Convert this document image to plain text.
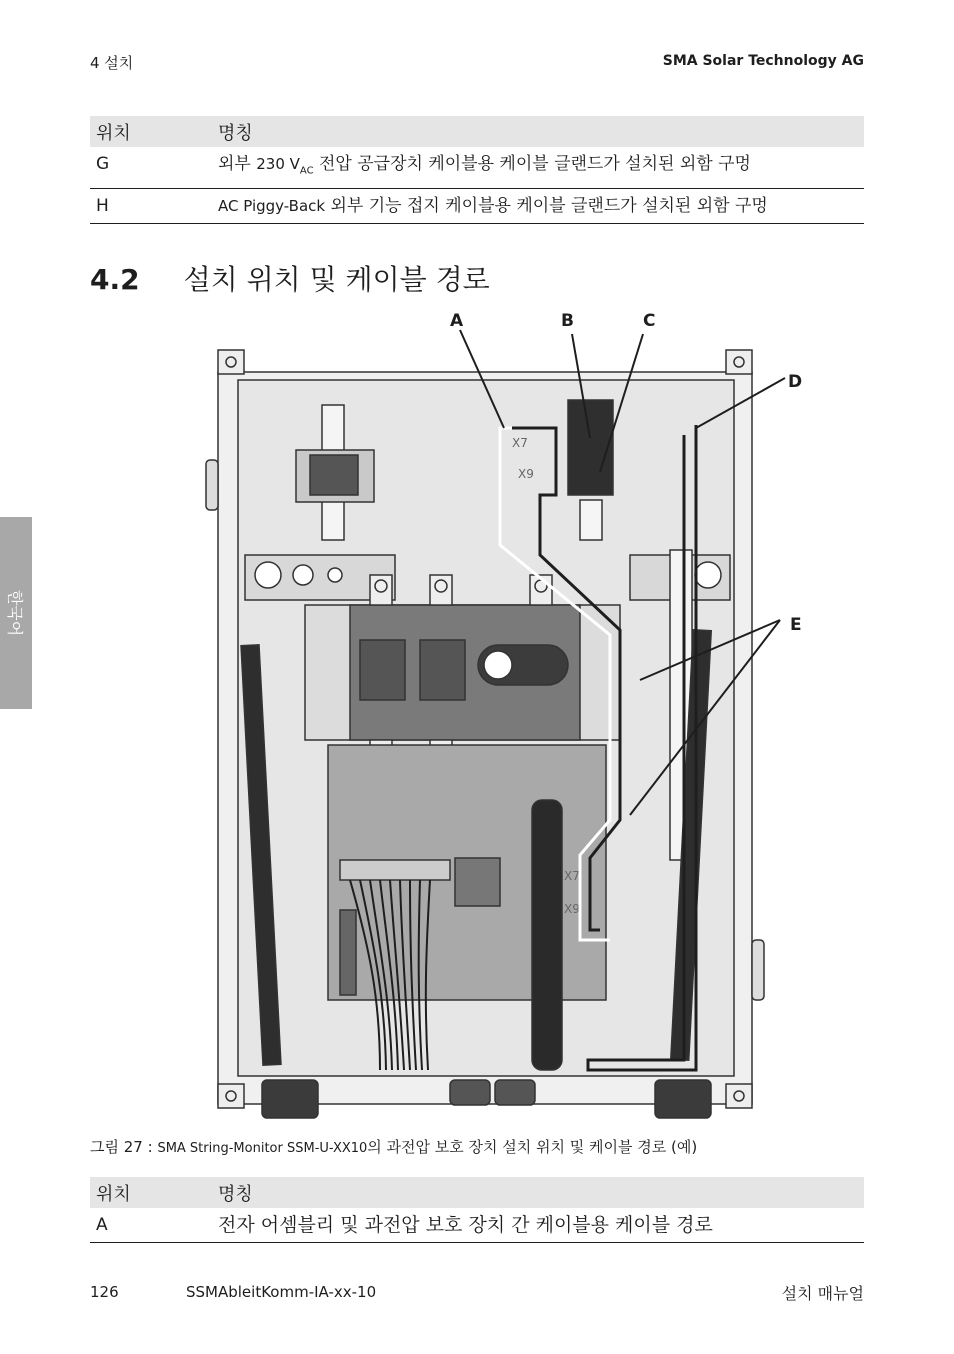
4 설치	SMA Solar Technology AG
한국어
위치	명칭
G	외부 230 $V_{AC}$ 전압 공급장치 케이블용 케이블 글랜드가 설치된 외함 구멍
H	AC Piggy-Back 외부 기능 접지 케이블용 케이블 글랜드가 설치된 외함 구멍
4.2 설치 위치 및 케이블 경로
X7
X9
X7
X9
A	B	C
D
E
그림 27 : SMA String-Monitor SSM-U-XX10의 과전압 보호 장치 설치 위치 및 케이블 경로 (예)
위치	명칭
A	전자 어셈블리 및 과전압 보호 장치 간 케이블용 케이블 경로
126	SSMAbleitKomm-IA-xx-10	설치 매뉴얼
